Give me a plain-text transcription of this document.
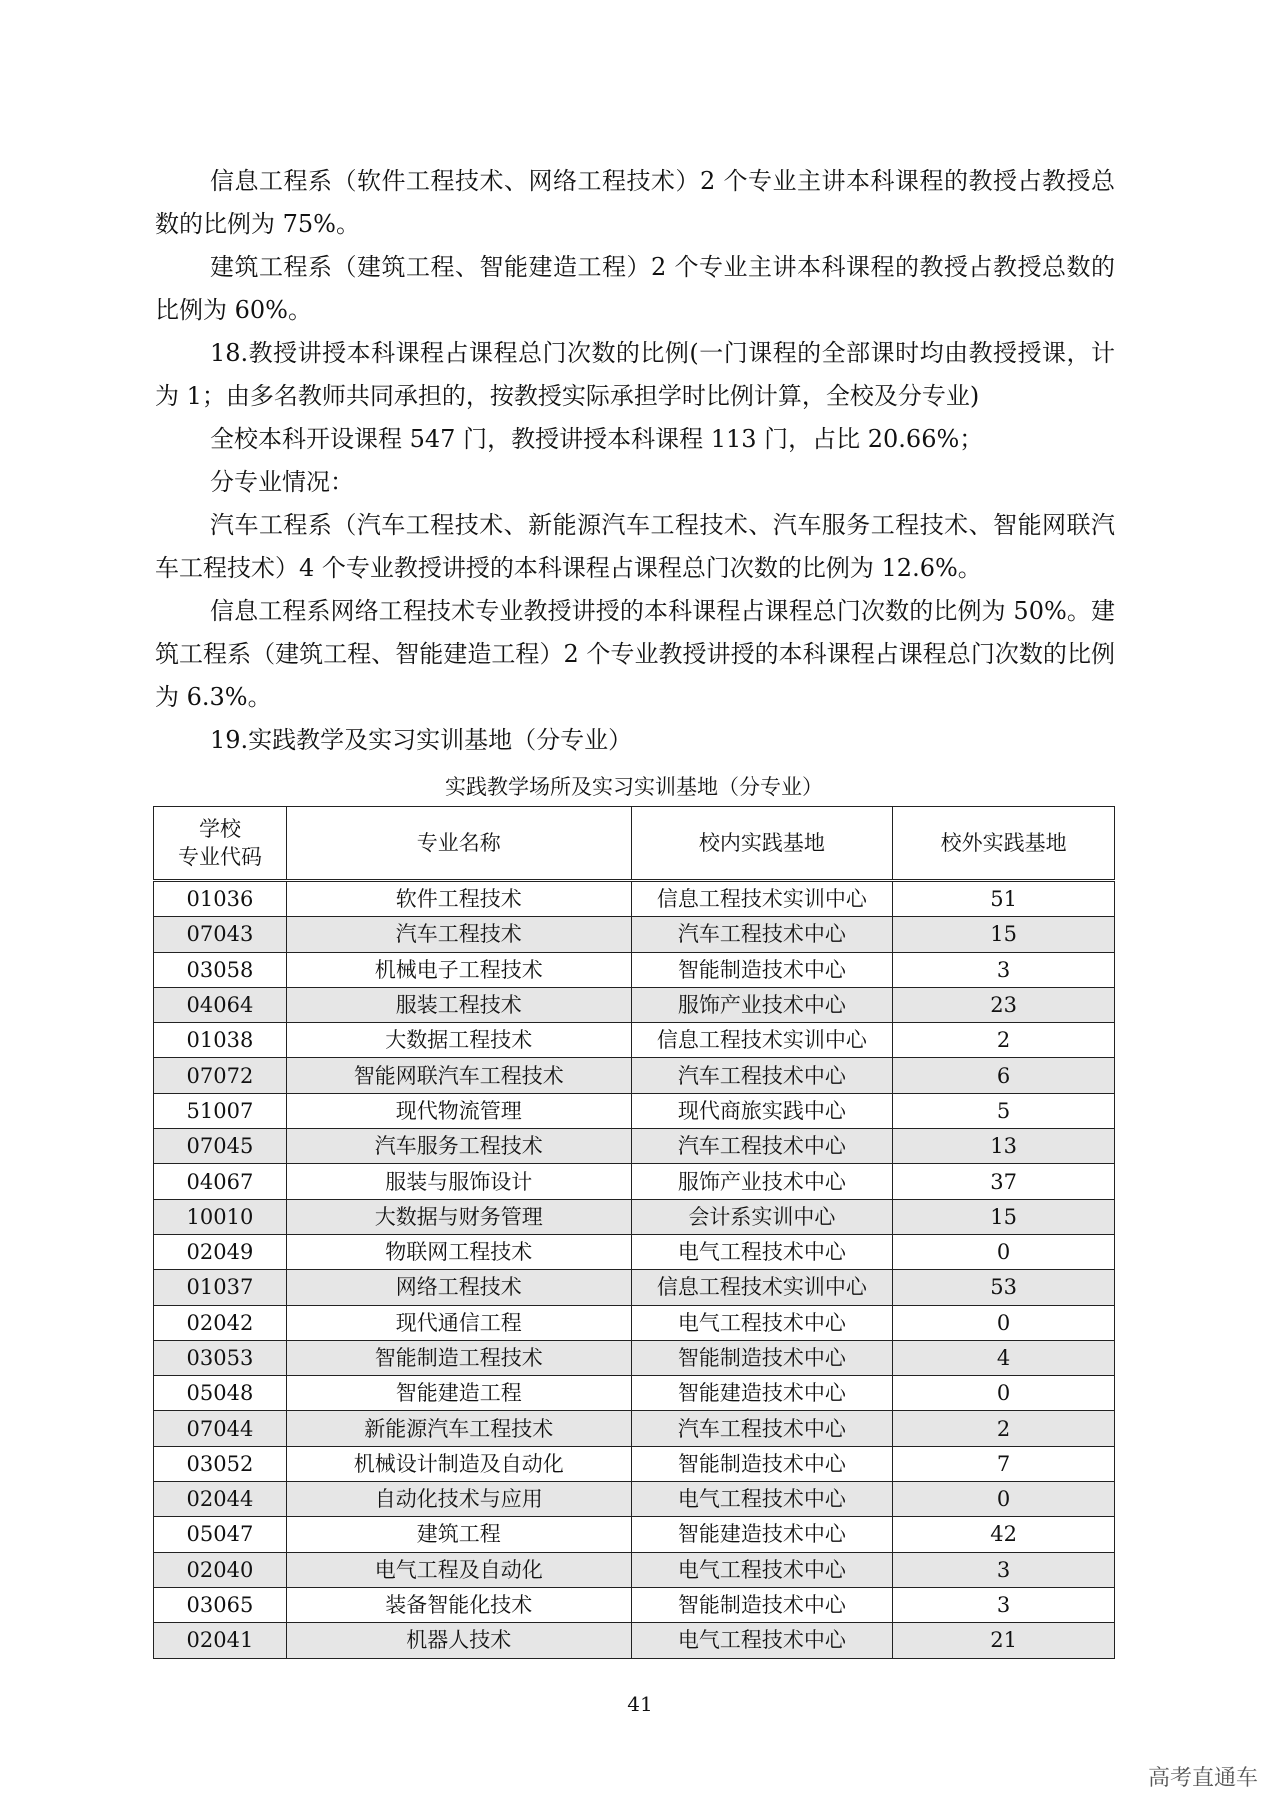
信息工程系（软件工程技术、网络工程技术）2 个专业主讲本科课程的教授占教授总数的比例为 75%。

建筑工程系（建筑工程、智能建造工程）2 个专业主讲本科课程的教授占教授总数的比例为 60%。

18.教授讲授本科课程占课程总门次数的比例(一门课程的全部课时均由教授授课，计为 1；由多名教师共同承担的，按教授实际承担学时比例计算，全校及分专业)

全校本科开设课程 547 门，教授讲授本科课程 113 门，占比 20.66%；

分专业情况：

汽车工程系（汽车工程技术、新能源汽车工程技术、汽车服务工程技术、智能网联汽车工程技术）4 个专业教授讲授的本科课程占课程总门次数的比例为 12.6%。

信息工程系网络工程技术专业教授讲授的本科课程占课程总门次数的比例为 50%。建筑工程系（建筑工程、智能建造工程）2 个专业教授讲授的本科课程占课程总门次数的比例为 6.3%。

19.实践教学及实习实训基地（分专业）

实践教学场所及实习实训基地（分专业）
学校
专业代码	专业名称	校内实践基地	校外实践基地
01036	软件工程技术	信息工程技术实训中心	51
07043	汽车工程技术	汽车工程技术中心	15
03058	机械电子工程技术	智能制造技术中心	3
04064	服装工程技术	服饰产业技术中心	23
01038	大数据工程技术	信息工程技术实训中心	2
07072	智能网联汽车工程技术	汽车工程技术中心	6
51007	现代物流管理	现代商旅实践中心	5
07045	汽车服务工程技术	汽车工程技术中心	13
04067	服装与服饰设计	服饰产业技术中心	37
10010	大数据与财务管理	会计系实训中心	15
02049	物联网工程技术	电气工程技术中心	0
01037	网络工程技术	信息工程技术实训中心	53
02042	现代通信工程	电气工程技术中心	0
03053	智能制造工程技术	智能制造技术中心	4
05048	智能建造工程	智能建造技术中心	0
07044	新能源汽车工程技术	汽车工程技术中心	2
03052	机械设计制造及自动化	智能制造技术中心	7
02044	自动化技术与应用	电气工程技术中心	0
05047	建筑工程	智能建造技术中心	42
02040	电气工程及自动化	电气工程技术中心	3
03065	装备智能化技术	智能制造技术中心	3
02041	机器人技术	电气工程技术中心	21
41
高考直通车
